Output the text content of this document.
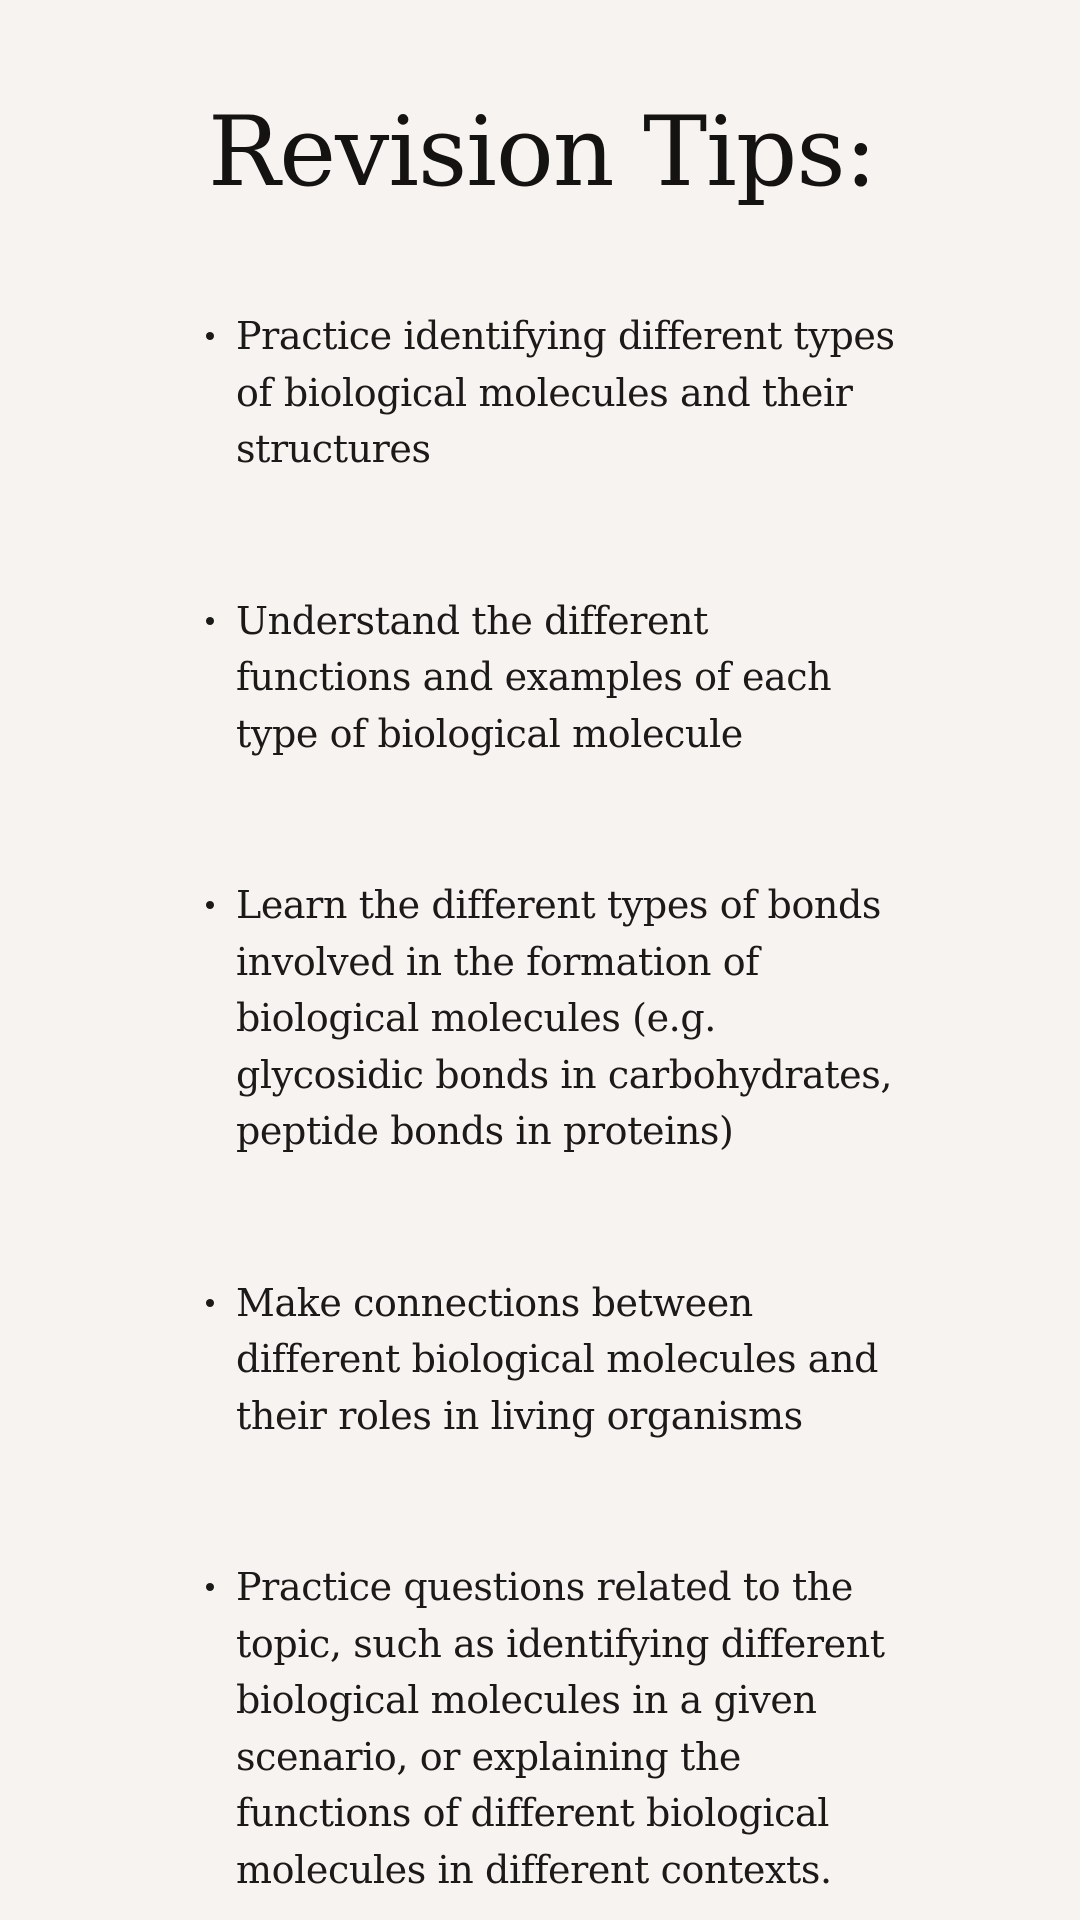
Revision Tips:
Practice identifying different types
of biological molecules and their
structures
Understand the different
functions and examples of each
type of biological molecule
Learn the different types of bonds
involved in the formation of
biological molecules (e.g.
glycosidic bonds in carbohydrates,
peptide bonds in proteins)
Make connections between
different biological molecules and
their roles in living organisms
Practice questions related to the
topic, such as identifying different
biological molecules in a given
scenario, or explaining the
functions of different biological
molecules in different contexts.
